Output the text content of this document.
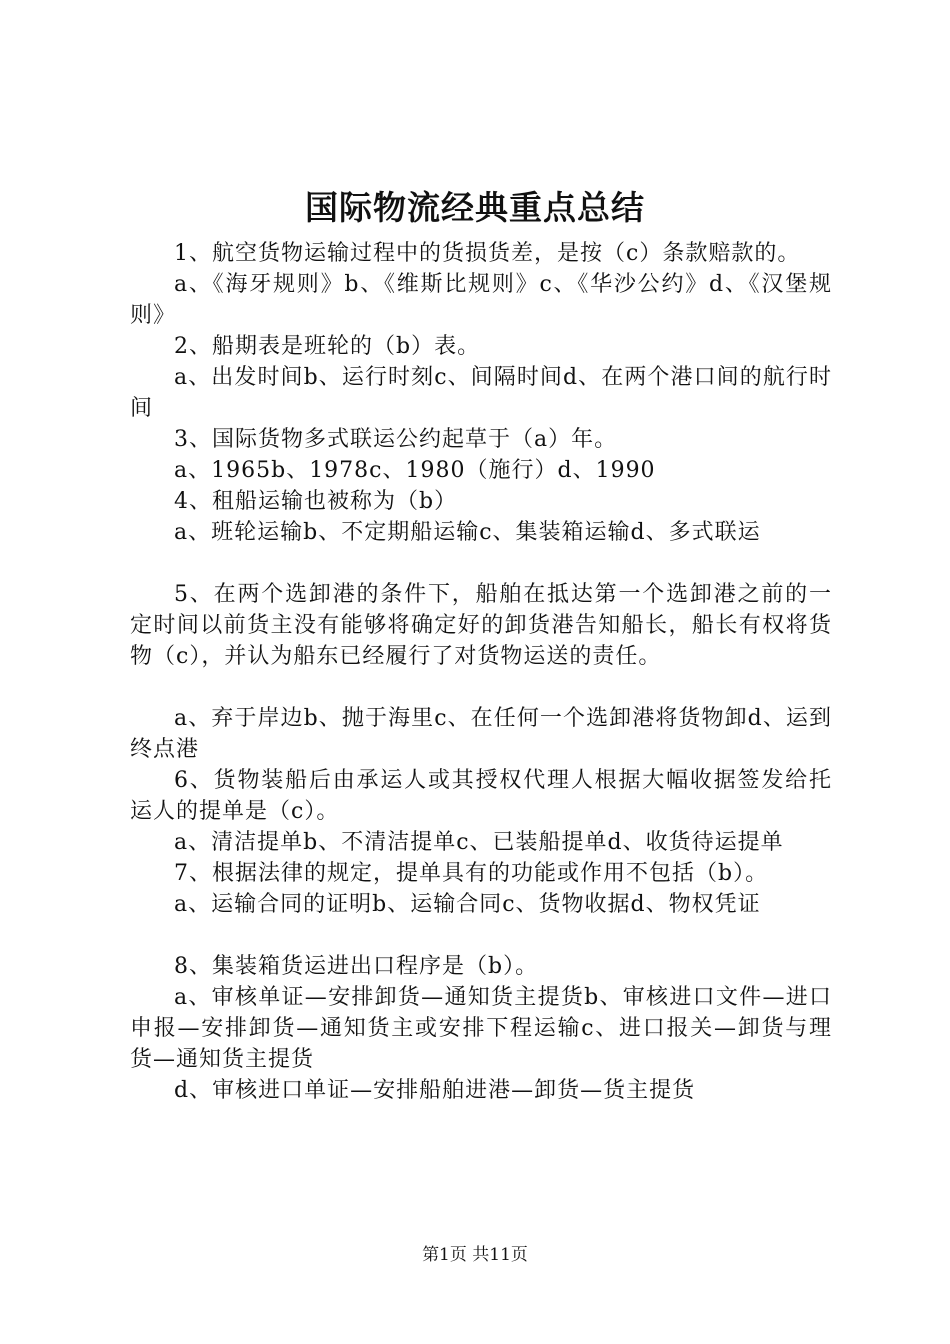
国际物流经典重点总结

1、航空货物运输过程中的货损货差，是按（c）条款赔款的。

a、《海牙规则》b、《维斯比规则》c、《华沙公约》d、《汉堡规则》

2、船期表是班轮的（b）表。

a、出发时间b、运行时刻c、间隔时间d、在两个港口间的航行时间

3、国际货物多式联运公约起草于（a）年。

a、1965b、1978c、1980（施行）d、1990

4、租船运输也被称为（b）

a、班轮运输b、不定期船运输c、集装箱运输d、多式联运

5、在两个选卸港的条件下，船舶在抵达第一个选卸港之前的一定时间以前货主没有能够将确定好的卸货港告知船长，船长有权将货物（c），并认为船东已经履行了对货物运送的责任。

a、弃于岸边b、抛于海里c、在任何一个选卸港将货物卸d、运到终点港

6、货物装船后由承运人或其授权代理人根据大幅收据签发给托运人的提单是（c）。

a、清洁提单b、不清洁提单c、已装船提单d、收货待运提单

7、根据法律的规定，提单具有的功能或作用不包括（b）。

a、运输合同的证明b、运输合同c、货物收据d、物权凭证

8、集装箱货运进出口程序是（b）。

a、审核单证—安排卸货—通知货主提货b、审核进口文件—进口申报—安排卸货—通知货主或安排下程运输c、进口报关—卸货与理货—通知货主提货

d、审核进口单证—安排船舶进港—卸货—货主提货

第1页 共11页
